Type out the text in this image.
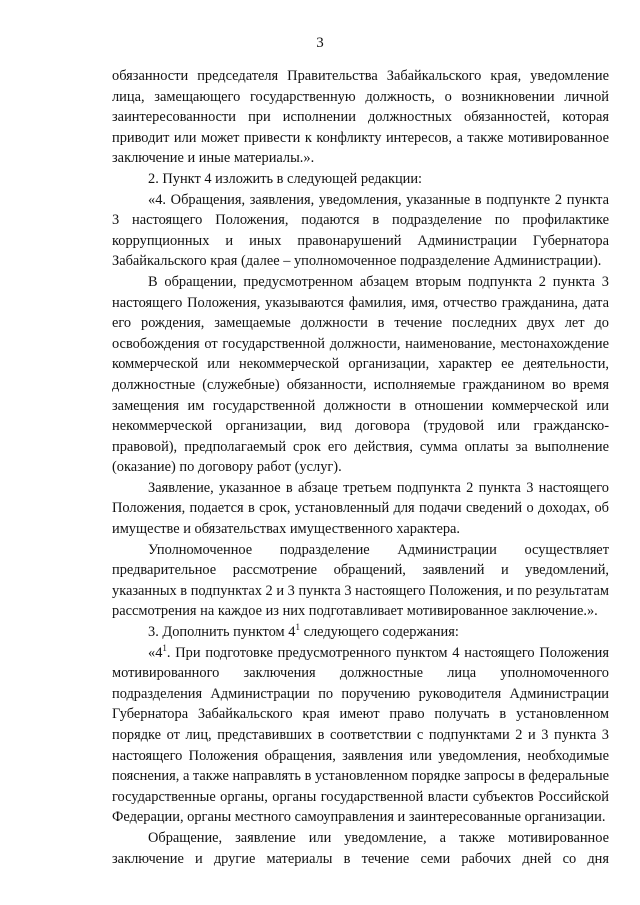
3

обязанности председателя Правительства Забайкальского края, уведомление лица, замещающего государственную должность, о возникновении личной заинтересованности при исполнении должностных обязанностей, которая приводит или может привести к конфликту интересов, а также мотивированное заключение и иные материалы.».

2. Пункт 4 изложить в следующей редакции:

«4. Обращения, заявления, уведомления, указанные в подпункте 2 пункта 3 настоящего Положения, подаются в подразделение по профилактике коррупционных и иных правонарушений Администрации Губернатора Забайкальского края (далее – уполномоченное подразделение Администрации).

В обращении, предусмотренном абзацем вторым подпункта 2 пункта 3 настоящего Положения, указываются фамилия, имя, отчество гражданина, дата его рождения, замещаемые должности в течение последних двух лет до освобождения от государственной должности, наименование, местонахождение коммерческой или некоммерческой организации, характер ее деятельности, должностные (служебные) обязанности, исполняемые гражданином во время замещения им государственной должности в отношении коммерческой или некоммерческой организации, вид договора (трудовой или гражданско-правовой), предполагаемый срок его действия, сумма оплаты за выполнение (оказание) по договору работ (услуг).

Заявление, указанное в абзаце третьем подпункта 2 пункта 3 настоящего Положения, подается в срок, установленный для подачи сведений о доходах, об имуществе и обязательствах имущественного характера.

Уполномоченное подразделение Администрации осуществляет предварительное рассмотрение обращений, заявлений и уведомлений, указанных в подпунктах 2 и 3 пункта 3 настоящего Положения, и по результатам рассмотрения на каждое из них подготавливает мотивированное заключение.».

3. Дополнить пунктом $4^1$ следующего содержания:

«$4^1$. При подготовке предусмотренного пунктом 4 настоящего Положения мотивированного заключения должностные лица уполномоченного подразделения Администрации по поручению руководителя Администрации Губернатора Забайкальского края имеют право получать в установленном порядке от лиц, представивших в соответствии с подпунктами 2 и 3 пункта 3 настоящего Положения обращения, заявления или уведомления, необходимые пояснения, а также направлять в установленном порядке запросы в федеральные государственные органы, органы государственной власти субъектов Российской Федерации, органы местного самоуправления и заинтересованные организации.

Обращение, заявление или уведомление, а также мотивированное заключение и другие материалы в течение семи рабочих дней со дня
